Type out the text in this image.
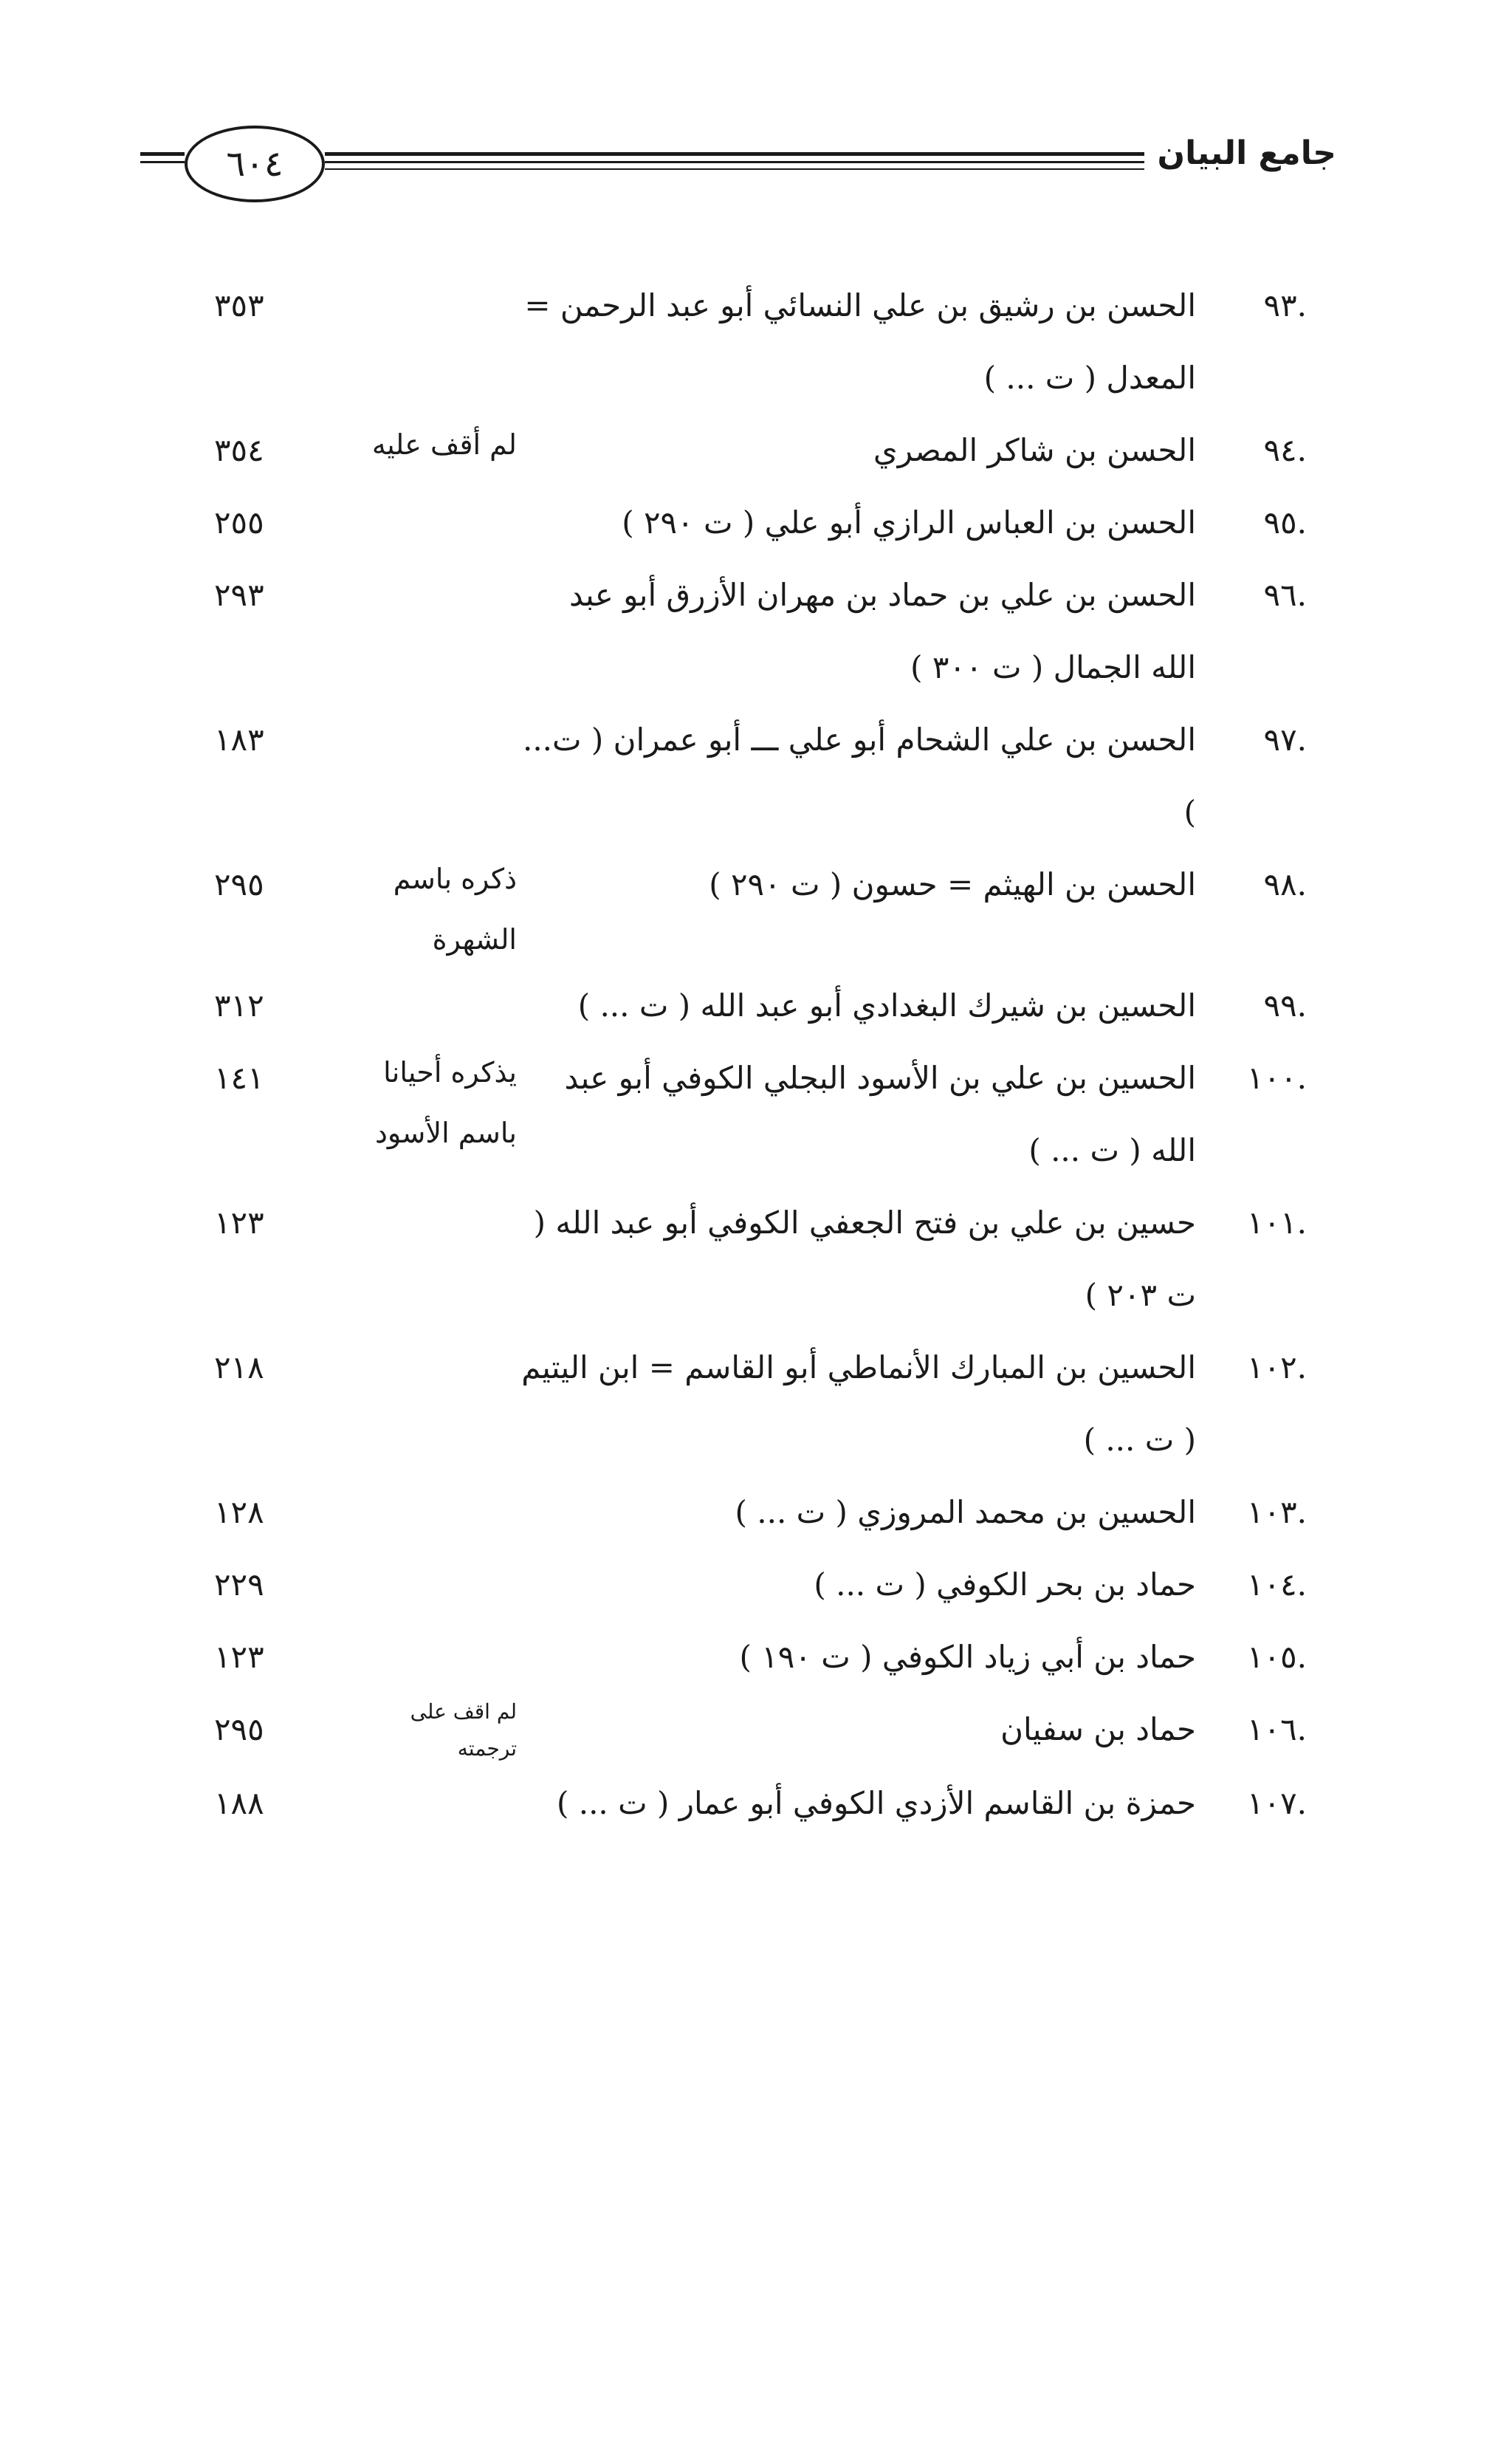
٦٠٤	جامع البيان
.٩٣
الحسن بن رشيق بن علي النسائي أبو عبد الرحمن = المعدل ( ت ... )
٣٥٣
.٩٤
الحسن بن شاكر المصري
لم أقف عليه
٣٥٤
.٩٥
الحسن بن العباس الرازي أبو علي ( ت ٢٩٠ )
٢٥٥
.٩٦
الحسن بن علي بن حماد بن مهران الأزرق أبو عبد الله الجمال ( ت ٣٠٠ )
٢٩٣
.٩٧
الحسن بن علي الشحام أبو علي ـــ أبو عمران ( ت... )
١٨٣
.٩٨
الحسن بن الهيثم = حسون ( ت ٢٩٠ )
ذكره باسم الشهرة
٢٩٥
.٩٩
الحسين بن شيرك البغدادي أبو عبد الله ( ت ... )
٣١٢
.١٠٠
الحسين بن علي بن الأسود البجلي الكوفي أبو عبد الله ( ت ... )
يذكره أحيانا باسم الأسود
١٤١
.١٠١
حسين بن علي بن فتح الجعفي الكوفي أبو عبد الله ( ت ٢٠٣ )
١٢٣
.١٠٢
الحسين بن المبارك الأنماطي أبو القاسم = ابن اليتيم ( ت ... )
٢١٨
.١٠٣
الحسين بن محمد المروزي ( ت ... )
١٢٨
.١٠٤
حماد بن بحر الكوفي ( ت ... )
٢٢٩
.١٠٥
حماد بن أبي زياد الكوفي ( ت ١٩٠ )
١٢٣
.١٠٦
حماد بن سفيان
لم اقف على ترجمته
٢٩٥
.١٠٧
حمزة بن القاسم الأزدي الكوفي أبو عمار ( ت ... )
١٨٨
